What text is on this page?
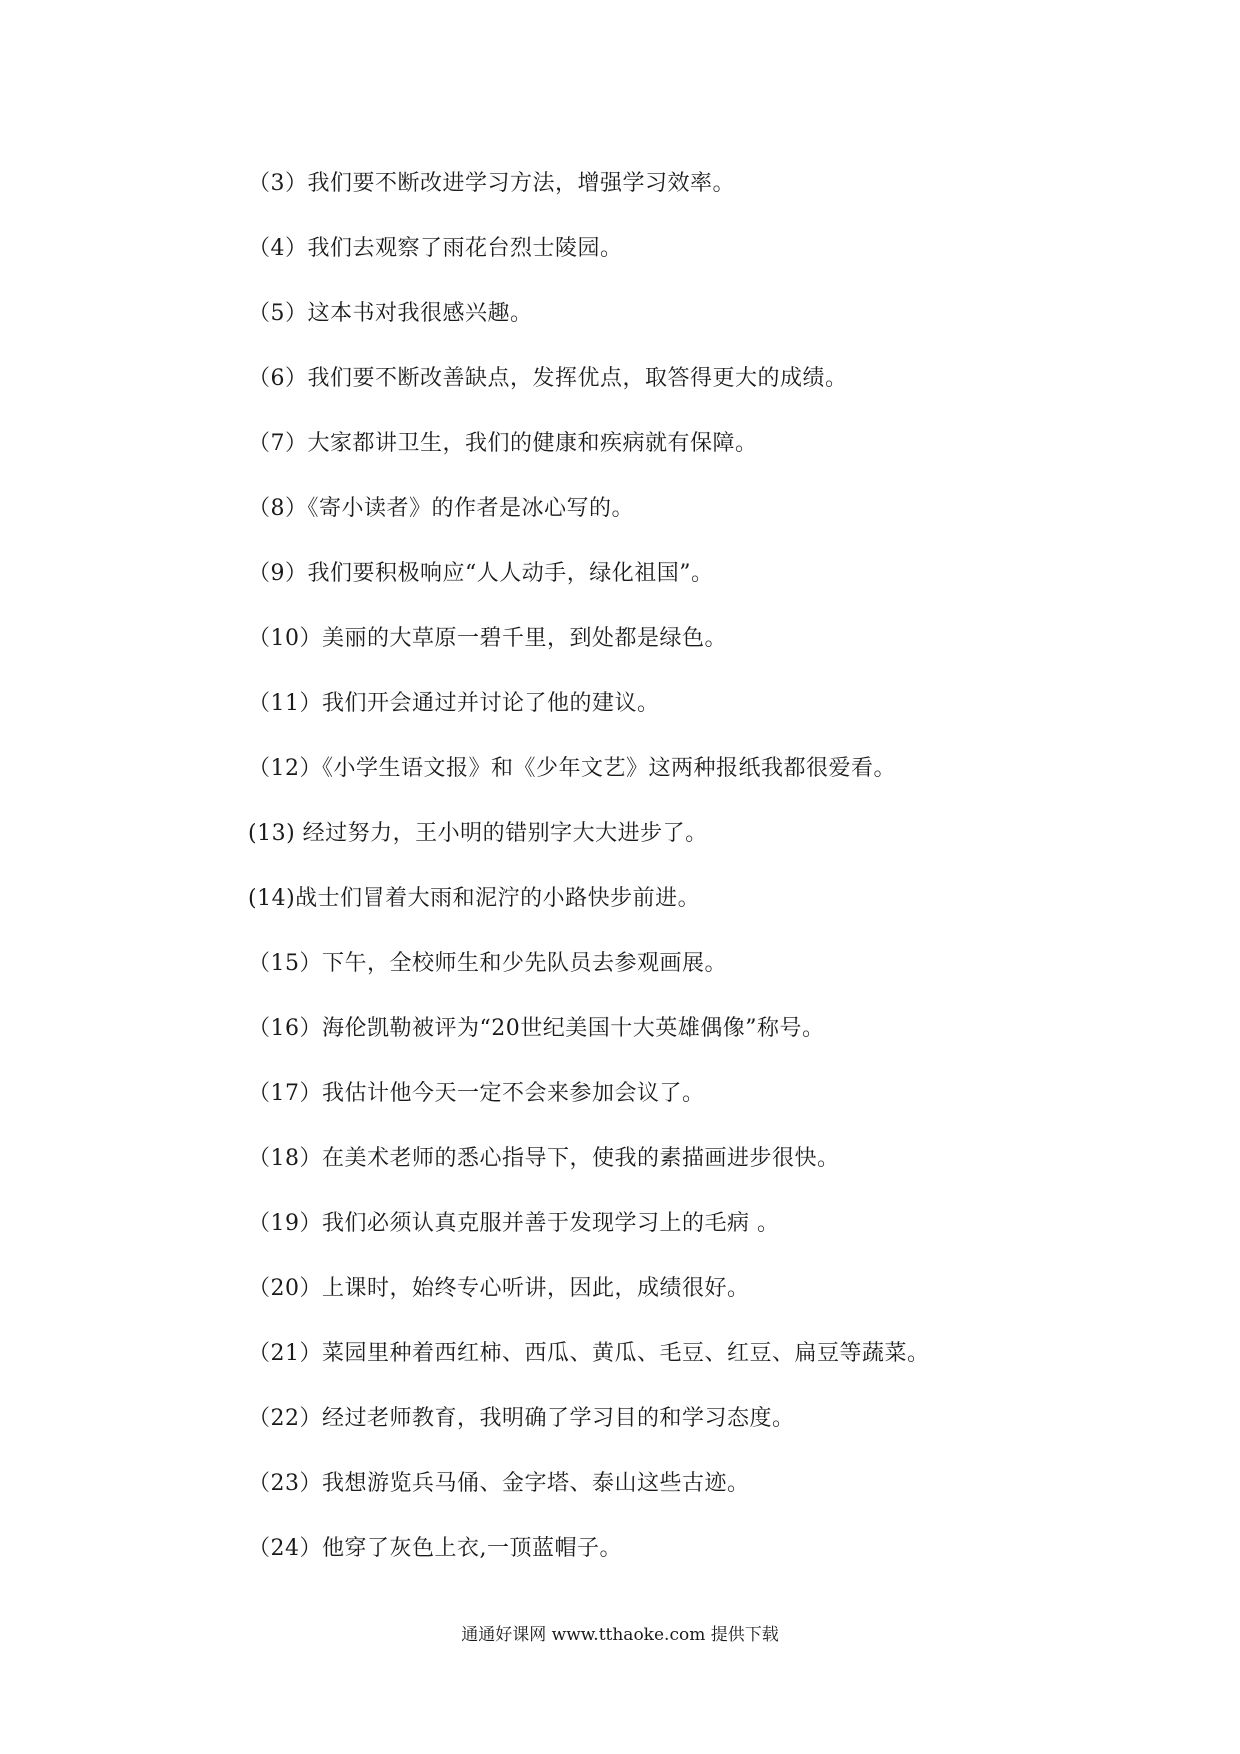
（3）我们要不断改进学习方法，增强学习效率。
（4）我们去观察了雨花台烈士陵园。
（5）这本书对我很感兴趣。
（6）我们要不断改善缺点，发挥优点，取答得更大的成绩。
（7）大家都讲卫生，我们的健康和疾病就有保障。
（8）《寄小读者》的作者是冰心写的。
（9）我们要积极响应“人人动手，绿化祖国”。
（10）美丽的大草原一碧千里，到处都是绿色。
（11）我们开会通过并讨论了他的建议。
（12）《小学生语文报》和《少年文艺》这两种报纸我都很爱看。
(13) 经过努力，王小明的错别字大大进步了。
(14)战士们冒着大雨和泥泞的小路快步前进。
（15）下午，全校师生和少先队员去参观画展。
（16）海伦凯勒被评为“20世纪美国十大英雄偶像”称号。
（17）我估计他今天一定不会来参加会议了。
（18）在美术老师的悉心指导下，使我的素描画进步很快。
（19）我们必须认真克服并善于发现学习上的毛病 。
（20）上课时，始终专心听讲，因此，成绩很好。
（21）菜园里种着西红柿、西瓜、黄瓜、毛豆、红豆、扁豆等蔬菜。
（22）经过老师教育，我明确了学习目的和学习态度。
（23）我想游览兵马俑、金字塔、泰山这些古迹。
（24）他穿了灰色上衣,一顶蓝帽子。
通通好课网 www.tthaoke.com 提供下载
